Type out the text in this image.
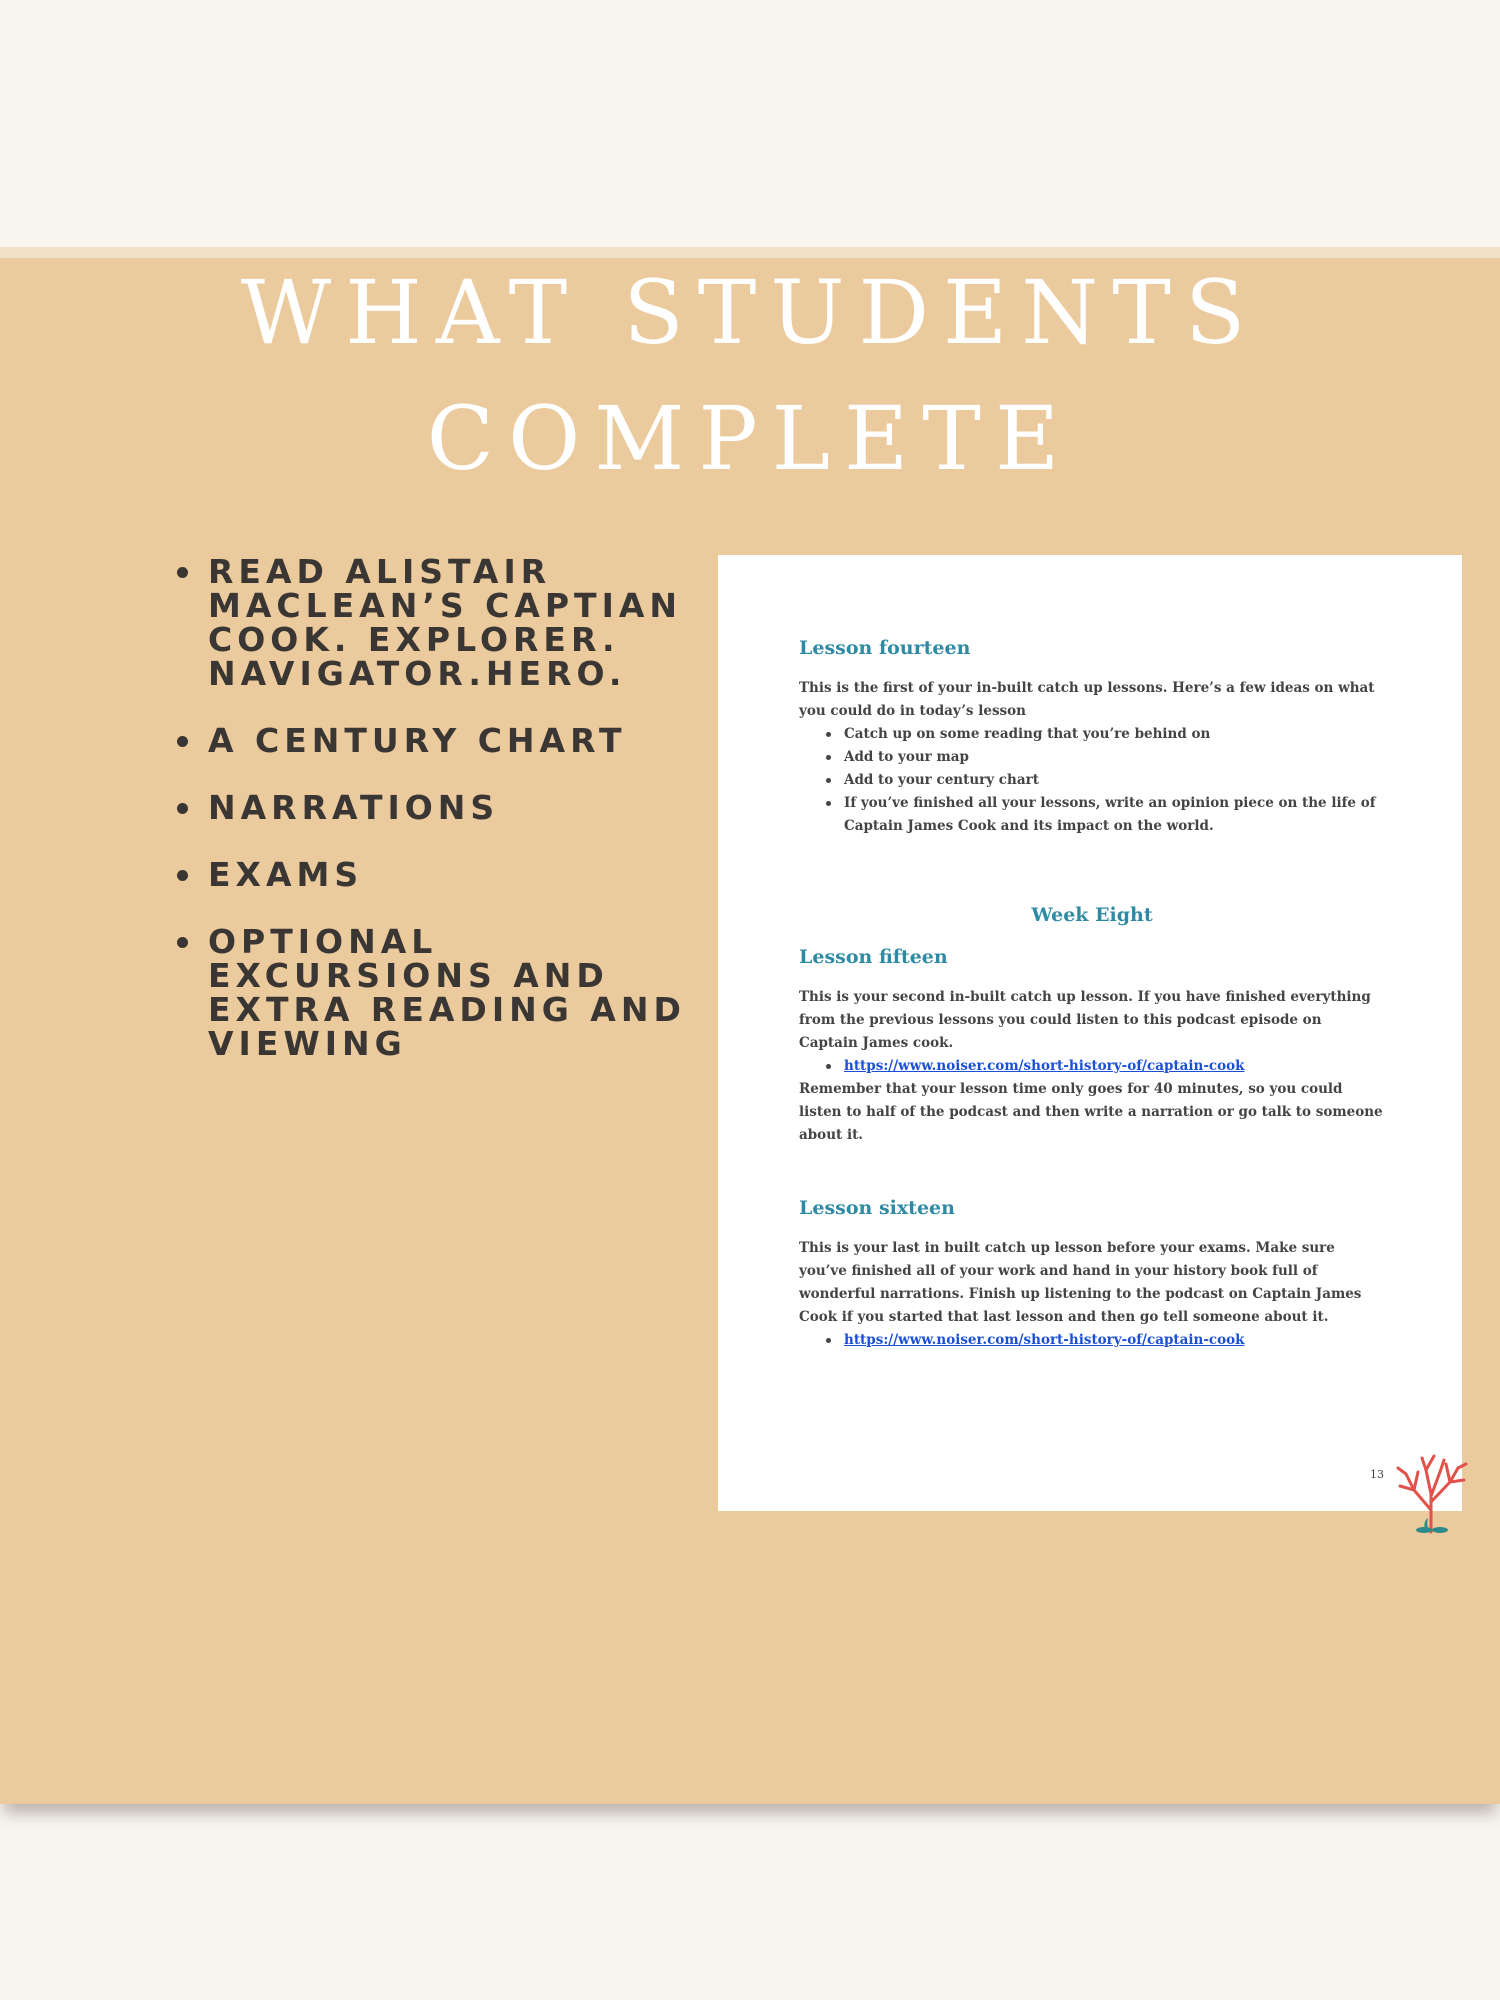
WHAT STUDENTS
COMPLETE
READ ALISTAIR MACLEAN’S CAPTIAN COOK. EXPLORER. NAVIGATOR.HERO.
A CENTURY CHART
NARRATIONS
EXAMS
OPTIONAL EXCURSIONS AND EXTRA READING AND VIEWING
Lesson fourteen

This is the first of your in-built catch up lessons. Here’s a few ideas on what you could do in today’s lesson

Catch up on some reading that you’re behind on
Add to your map
Add to your century chart
If you’ve finished all your lessons, write an opinion piece on the life of Captain James Cook and its impact on the world.
Week Eight
Lesson fifteen

This is your second in-built catch up lesson. If you have finished everything from the previous lessons you could listen to this podcast episode on Captain James cook.

https://www.noiser.com/short-history-of/captain-cook

Remember that your lesson time only goes for 40 minutes, so you could listen to half of the podcast and then write a narration or go talk to someone about it.

Lesson sixteen

This is your last in built catch up lesson before your exams. Make sure you’ve finished all of your work and hand in your history book full of wonderful narrations. Finish up listening to the podcast on Captain James Cook if you started that last lesson and then go tell someone about it.

https://www.noiser.com/short-history-of/captain-cook
13
